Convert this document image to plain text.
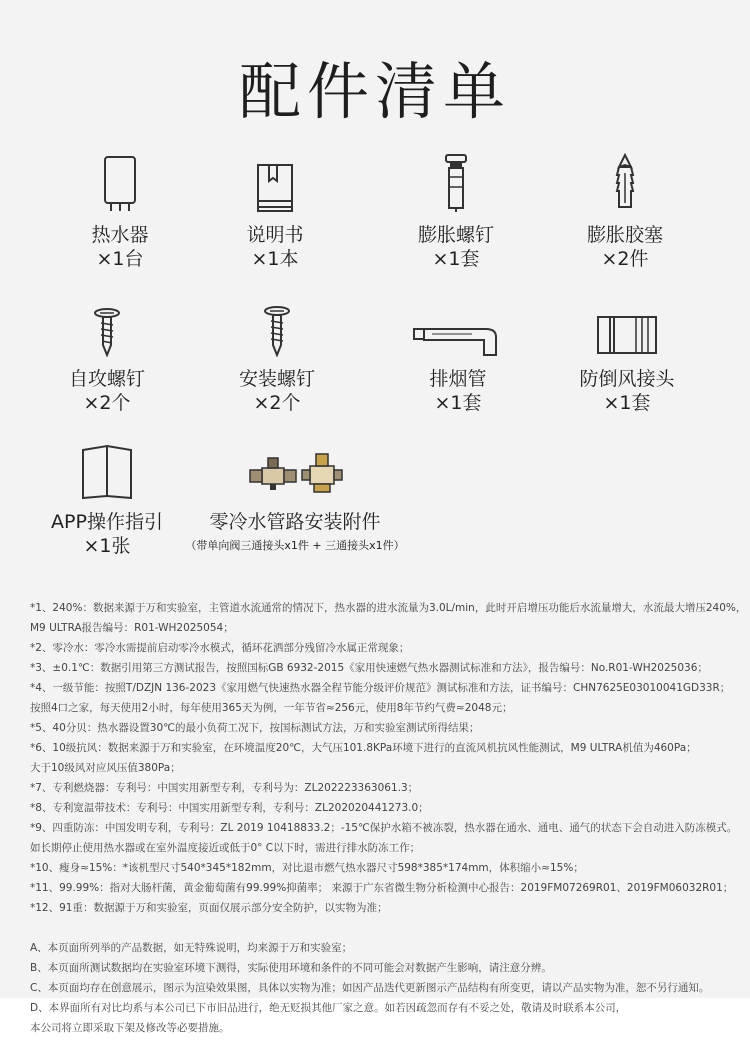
配件清单
热水器
×1台
说明书
×1本
膨胀螺钉
×1套
膨胀胶塞
×2件
自攻螺钉
×2个
安装螺钉
×2个
排烟管
×1套
防倒风接头
×1套
APP操作指引
×1张
零冷水管路安装附件
（带单向阀三通接头x1件 + 三通接头x1件）

*1、240%：数据来源于万和实验室，主管道水流通常的情况下，热水器的进水流量为3.0L/min，此时开启增压功能后水流量增大，水流最大增压240%，

M9 ULTRA报告编号：R01-WH2025054；

*2、零冷水：零冷水需提前启动零冷水模式，循环花洒部分残留冷水属正常现象；

*3、±0.1℃：数据引用第三方测试报告，按照国标GB 6932-2015《家用快速燃气热水器测试标准和方法》，报告编号：No.R01-WH2025036；

*4、一级节能：按照T/DZJN 136-2023《家用燃气快速热水器全程节能分级评价规范》测试标准和方法，证书编号：CHN7625E03010041GD33R；

按照4口之家，每天使用2小时，每年使用365天为例，一年节省≈256元，使用8年节约气费≈2048元；

*5、40分贝：热水器设置30℃的最小负荷工况下，按国标测试方法，万和实验室测试所得结果；

*6、10级抗风：数据来源于万和实验室，在环境温度20℃，大气压101.8KPa环境下进行的直流风机抗风性能测试，M9 ULTRA机值为460Pa；

大于10级风对应风压值380Pa；

*7、专利燃烧器：专利号：中国实用新型专利，专利号为：ZL202223363061.3；

*8、专利宽温带技术：专利号：中国实用新型专利，专利号：ZL202020441273.0；

*9、四重防冻：中国发明专利，专利号：ZL 2019 10418833.2；-15℃保护水箱不被冻裂，热水器在通水、通电、通气的状态下会自动进入防冻模式。

如长期停止使用热水器或在室外温度接近或低于0° C以下时，需进行排水防冻工作；

*10、瘦身≈15%：*该机型尺寸540*345*182mm，对比退市燃气热水器尺寸598*385*174mm，体积缩小≈15%；

*11、99.99%：指对大肠杆菌，黄金葡萄菌有99.99%抑菌率； 来源于广东省微生物分析检测中心报告：2019FM07269R01、2019FM06032R01；

*12、91重：数据源于万和实验室，页面仅展示部分安全防护，以实物为准；

A、本页面所列举的产品数据，如无特殊说明，均来源于万和实验室；

B、本页面所测试数据均在实验室环境下测得，实际使用环境和条件的不同可能会对数据产生影响，请注意分辨。

C、本页面均存在创意展示，图示为渲染效果图，具体以实物为准；如因产品迭代更新图示产品结构有所变更，请以产品实物为准，恕不另行通知。

D、本界面所有对比均系与本公司已下市旧品进行，绝无贬损其他厂家之意。如若因疏忽而存有不妥之处，敬请及时联系本公司，

本公司将立即采取下架及修改等必要措施。
